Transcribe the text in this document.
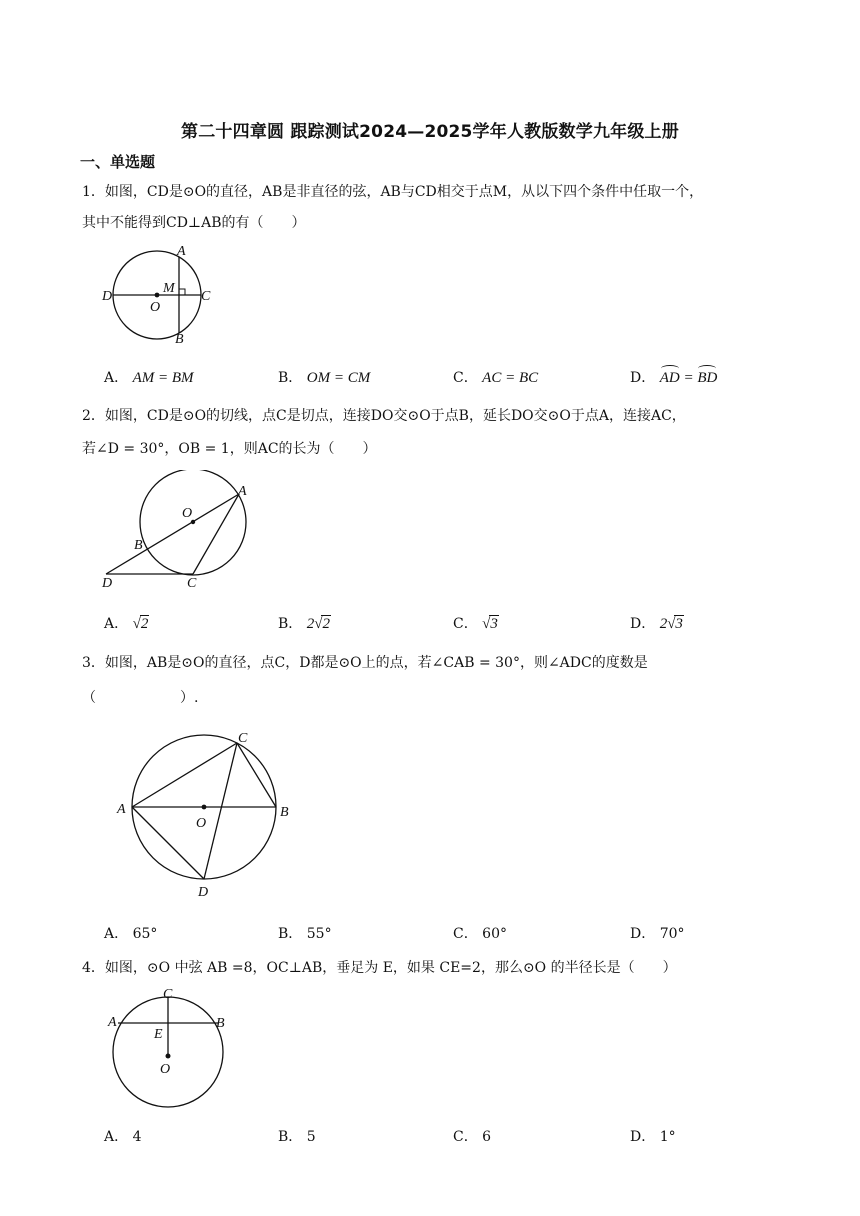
第二十四章圆 跟踪测试2024—2025学年人教版数学九年级上册
一、单选题
1．如图，CD是⊙O的直径，AB是非直径的弦，AB与CD相交于点M，从以下四个条件中任取一个，
其中不能得到CD⊥AB的有（　　）
A
B
C
D
M
O
A． AM = BM	B． OM = CM	C． AC = BC	D． AD = BD
2．如图，CD是⊙O的切线，点C是切点，连接DO交⊙O于点B，延长DO交⊙O于点A，连接AC，
若∠D = 30°，OB = 1，则AC的长为（　　）
A
B
C
D
O
A． √2	B． 2√2	C． √3	D． 2√3
3．如图，AB是⊙O的直径，点C，D都是⊙O上的点，若∠CAB = 30°，则∠ADC的度数是
（　　　　　　）.
A	B
C
D
O
A． 65°	B． 55°	C． 60°	D． 70°
4．如图，⊙O 中弦 AB =8，OC⊥AB，垂足为 E，如果 CE=2，那么⊙O 的半径长是（　　）
C
A	B
E
O
A． 4	B． 5	C． 6	D． 1°
